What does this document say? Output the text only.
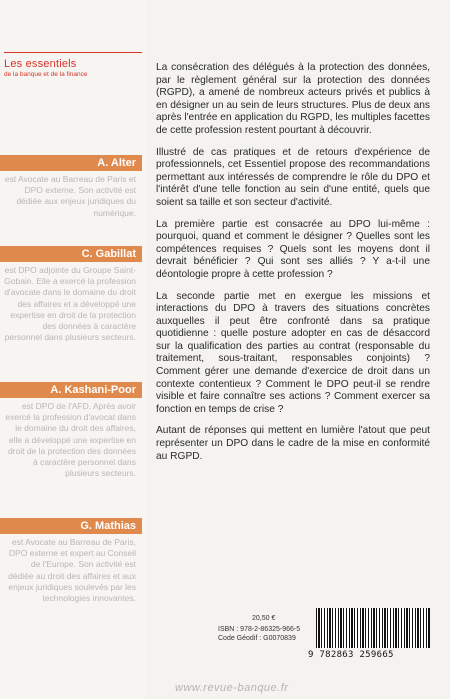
Les essentiels
de la banque et de la finance
A. Alter
est Avocate au Barreau de Paris et DPO externe. Son activité est dédiée aux enjeux juridiques du numérique.
C. Gabillat
est DPO adjointe du Groupe Saint-Gobain. Elle a exercé la profession d'avocate dans le domaine du droit des affaires et a développé une expertise en droit de la protection des données à caractère personnel dans plusieurs secteurs.
A. Kashani-Poor
est DPO de l'AFD. Après avoir exercé la profession d'avocat dans le domaine du droit des affaires, elle a développé une expertise en droit de la protection des données à caractère personnel dans plusieurs secteurs.
G. Mathias
est Avocate au Barreau de Paris, DPO externe et expert au Conseil de l'Europe. Son activité est dédiée au droit des affaires et aux enjeux juridiques soulevés par les technologies innovantes.

La consécration des délégués à la protection des données, par le règlement général sur la protection des données (RGPD), a amené de nombreux acteurs privés et publics à en désigner un au sein de leurs structures. Plus de deux ans après l'entrée en application du RGPD, les multiples facettes de cette profession restent pourtant à découvrir.

Illustré de cas pratiques et de retours d'expérience de professionnels, cet Essentiel propose des recommandations permettant aux intéressés de comprendre le rôle du DPO et l'intérêt d'une telle fonction au sein d'une entité, quels que soient sa taille et son secteur d'activité.

La première partie est consacrée au DPO lui-même : pourquoi, quand et comment le désigner ? Quelles sont les compétences requises ? Quels sont les moyens dont il devrait bénéficier ? Qui sont ses alliés ? Y a-t-il une déontologie propre à cette profession ?

La seconde partie met en exergue les missions et interactions du DPO à travers des situations concrètes auxquelles il peut être confronté dans sa pratique quotidienne : quelle posture adopter en cas de désaccord sur la qualification des parties au contrat (responsable du traitement, sous-traitant, responsables conjoints) ? Comment gérer une demande d'exercice de droit dans un contexte contentieux ? Comment le DPO peut-il se rendre visible et faire connaître ses actions ? Comment exercer sa fonction en temps de crise ?

Autant de réponses qui mettent en lumière l'atout que peut représenter un DPO dans le cadre de la mise en conformité au RGPD.

20,50 €
ISBN : 978-2-86325-966-5
Code Géodif : G0070839
9 782863 259665
www.revue-banque.fr
